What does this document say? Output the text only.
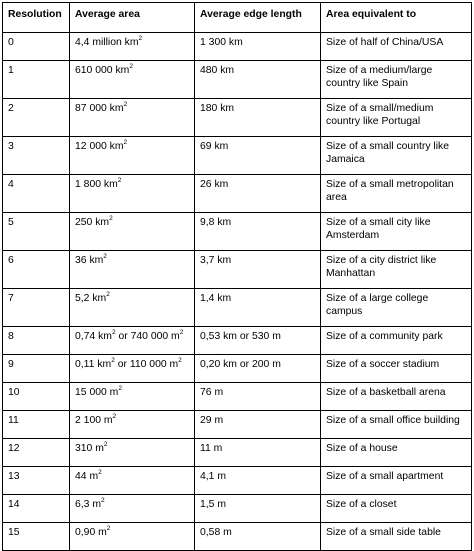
Resolution	Average area	Average edge length	Area equivalent to
0	4,4 million $km^2$	1 300 km	Size of half of China/USA
1	610 000 $km^2$	480 km	Size of a medium/large country like Spain
2	87 000 $km^2$	180 km	Size of a small/medium country like Portugal
3	12 000 $km^2$	69 km	Size of a small country like Jamaica
4	1 800 $km^2$	26 km	Size of a small metropolitan area
5	250 $km^2$	9,8 km	Size of a small city like Amsterdam
6	36 $km^2$	3,7 km	Size of a city district like Manhattan
7	5,2 $km^2$	1,4 km	Size of a large college campus
8	0,74 $km^2$ or 740 000 $m^2$	0,53 km or 530 m	Size of a community park
9	0,11 $km^2$ or 110 000 $m^2$	0,20 km or 200 m	Size of a soccer stadium
10	15 000 $m^2$	76 m	Size of a basketball arena
11	2 100 $m^2$	29 m	Size of a small office building
12	310 $m^2$	11 m	Size of a house
13	44 $m^2$	4,1 m	Size of a small apartment
14	6,3 $m^2$	1,5 m	Size of a closet
15	0,90 $m^2$	0,58 m	Size of a small side table
